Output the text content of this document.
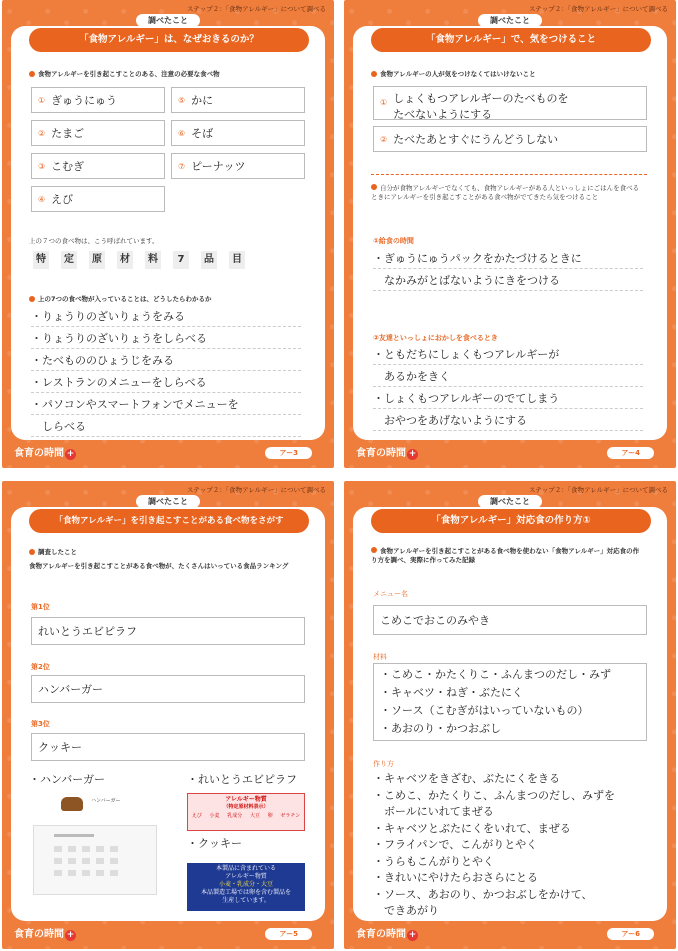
ステップ２：「食物アレルギー」について調べる
調べたこと
「食物アレルギー」は、なぜおきるのか？
食物アレルギーを引き起こすことのある、注意の必要な食べ物
① ぎゅうにゅう	⑤ かに
② たまご	⑥ そば
③ こむぎ	⑦ ピーナッツ
④ えび
上の７つの食べ物は、こう呼ばれています。
特	定	原	材	料	7	品	目
上の7つの食べ物が入っていることは、どうしたらわかるか
・りょうりのざいりょうをみる
・りょうりのざいりょうをしらべる
・たべもののひょうじをみる
・レストランのメニューをしらべる
・パソコンやスマートフォンでメニューを
　しらべる
食育の時間 +	アー3
ステップ２：「食物アレルギー」について調べる
調べたこと
「食物アレルギー」で、気をつけること
食物アレルギーの人が気をつけなくてはいけないこと
① しょくもつアレルギーのたべものを
たべないようにする
② たべたあとすぐにうんどうしない
自分が食物アレルギーでなくても、食物アレルギーがある人といっしょにごはんを食べるときにアレルギーを引き起こすことがある食べ物がでてきたら気をつけること
①給食の時間
・ぎゅうにゅうパックをかたづけるときに
　なかみがとばないようにきをつける
②友達といっしょにおかしを食べるとき
・ともだちにしょくもつアレルギーが
　あるかをきく
・しょくもつアレルギーのでてしまう
　おやつをあげないようにする
食育の時間 +	アー4
ステップ２：「食物アレルギー」について調べる
調べたこと
「食物アレルギー」を引き起こすことがある食べ物をさがす
調査したこと
食物アレルギーを引き起こすことがある食べ物が、たくさんはいっている食品ランキング
第1位
れいとうエビピラフ
第2位
ハンバーガー
第3位
クッキー
・ハンバーガー	・れいとうエビピラフ
ハンバーガー	アレルギー物質
（特定原材料表示）
えび 小麦 乳成分 大豆 卵 ゼラチン
・クッキー
本製品に含まれている
アレルギー物質
小麦・乳成分・大豆
本品製造工場では卵を含む製品を
生産しています。
食育の時間 +	アー5
ステップ２：「食物アレルギー」について調べる
調べたこと
「食物アレルギー」対応食の作り方①
食物アレルギーを引き起こすことがある食べ物を使わない「食物アレルギー」対応食の作り方を調べ、実際に作ってみた記録
メニュー名
こめこでおこのみやき
材料
・こめこ・かたくりこ・ふんまつのだし・みず
・キャベツ・ねぎ・ぶたにく
・ソース（こむぎがはいっていないもの）
・あおのり・かつおぶし
作り方
・キャベツをきざむ、ぶたにくをきる
・こめこ、かたくりこ、ふんまつのだし、みずを
　ボールにいれてまぜる
・キャベツとぶたにくをいれて、まぜる
・フライパンで、こんがりとやく
・うらもこんがりとやく
・きれいにやけたらおさらにとる
・ソース、あおのり、かつおぶしをかけて、
　できあがり
食育の時間 +	アー6
